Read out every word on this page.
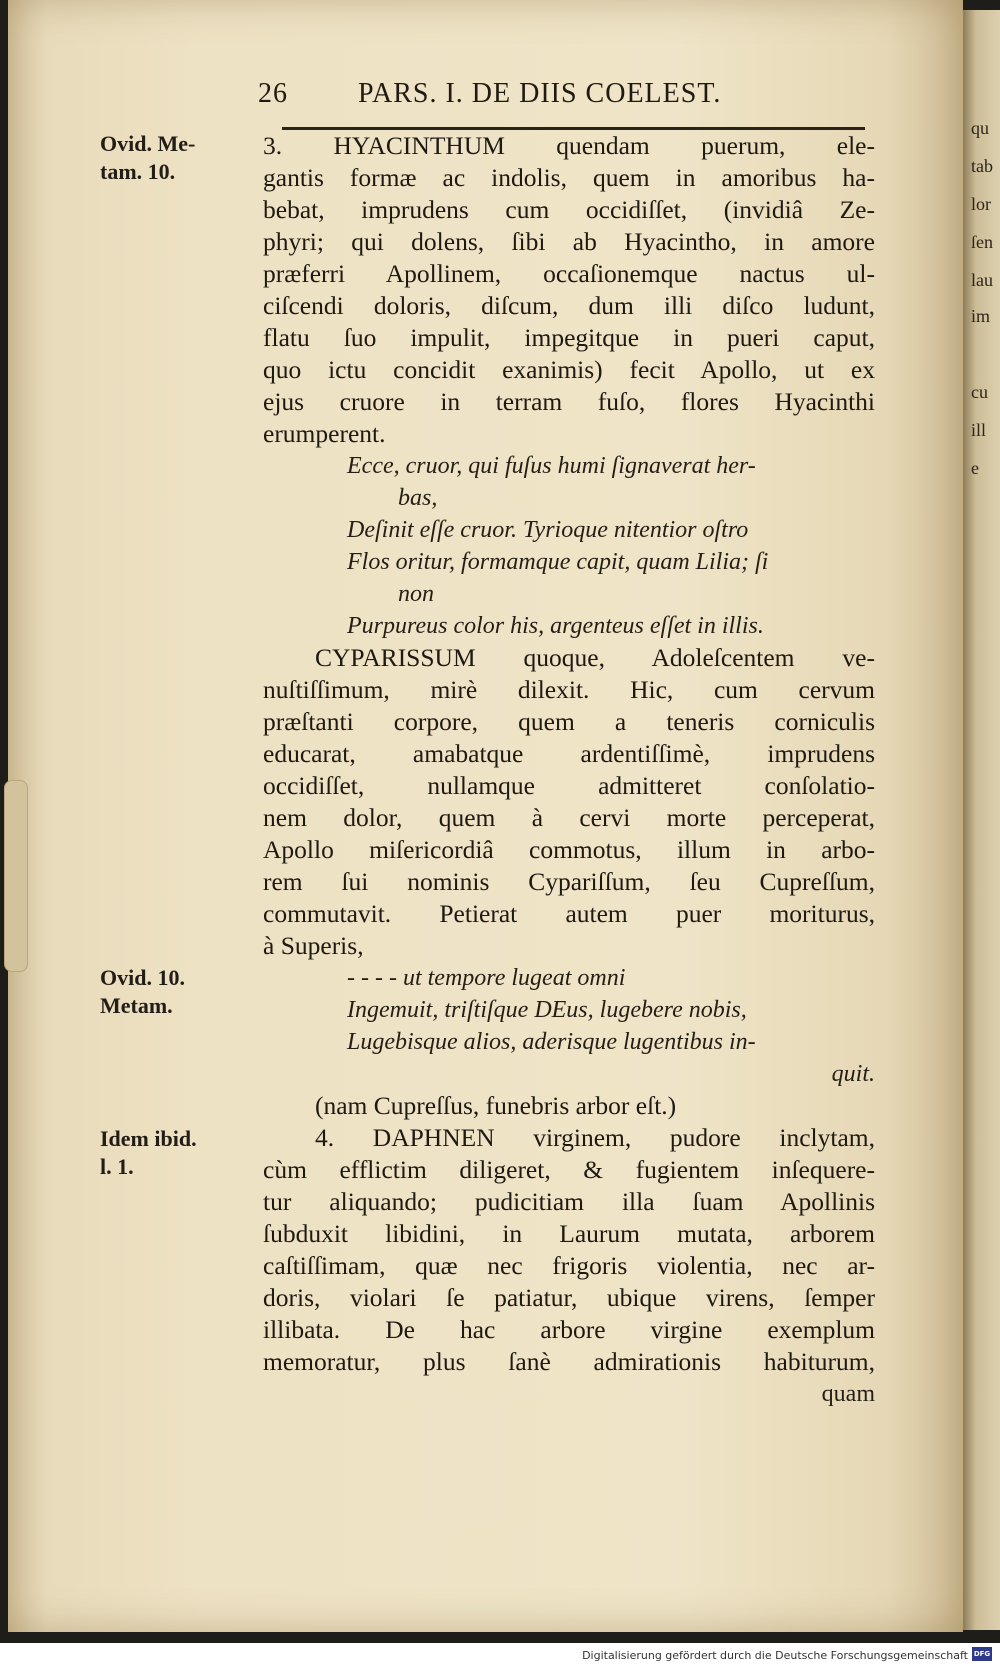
qu
tab
lor
ſen
lau
im
cu
ill
e
26	PARS. I. DE DIIS COELEST.
Ovid. Me-
tam. 10.
Ovid. 10.
Metam.
Idem ibid.
l. 1.
3. HYACINTHUM quendam puerum, ele-
gantis formæ ac indolis, quem in amoribus ha-
bebat, imprudens cum occidiſſet, (invidiâ Ze-
phyri; qui dolens, ſibi ab Hyacintho, in amore
præferri Apollinem, occaſionemque nactus ul-
ciſcendi doloris, diſcum, dum illi diſco ludunt,
flatu ſuo impulit, impegitque in pueri caput,
quo ictu concidit exanimis) fecit Apollo, ut ex
ejus cruore in terram fuſo, flores Hyacinthi
erumperent.
Ecce, cruor, qui fuſus humi ſignaverat her-
bas,
Deſinit eſſe cruor. Tyrioque nitentior oſtro
Flos oritur, formamque capit, quam Lilia; ſi
non
Purpureus color his, argenteus eſſet in illis.
CYPARISSUM quoque, Adoleſcentem ve-
nuſtiſſimum, mirè dilexit. Hic, cum cervum
præſtanti corpore, quem a teneris corniculis
educarat, amabatque ardentiſſimè, imprudens
occidiſſet, nullamque admitteret conſolatio-
nem dolor, quem à cervi morte perceperat,
Apollo miſericordiâ commotus, illum in arbo-
rem ſui nominis Cypariſſum, ſeu Cupreſſum,
commutavit. Petierat autem puer moriturus,
à Superis,
- - - - ut tempore lugeat omni
Ingemuit, triſtiſque DEus, lugebere nobis,
Lugebisque alios, aderisque lugentibus in-
quit.
(nam Cupreſſus, funebris arbor eſt.)
4. DAPHNEN virginem, pudore inclytam,
cùm efflictim diligeret, & fugientem inſequere-
tur aliquando; pudicitiam illa ſuam Apollinis
ſubduxit libidini, in Laurum mutata, arborem
caſtiſſimam, quæ nec frigoris violentia, nec ar-
doris, violari ſe patiatur, ubique virens, ſemper
illibata. De hac arbore virgine exemplum
memoratur, plus ſanè admirationis habiturum,
quam
Digitalisierung gefördert durch die Deutsche Forschungsgemeinschaft DFG
